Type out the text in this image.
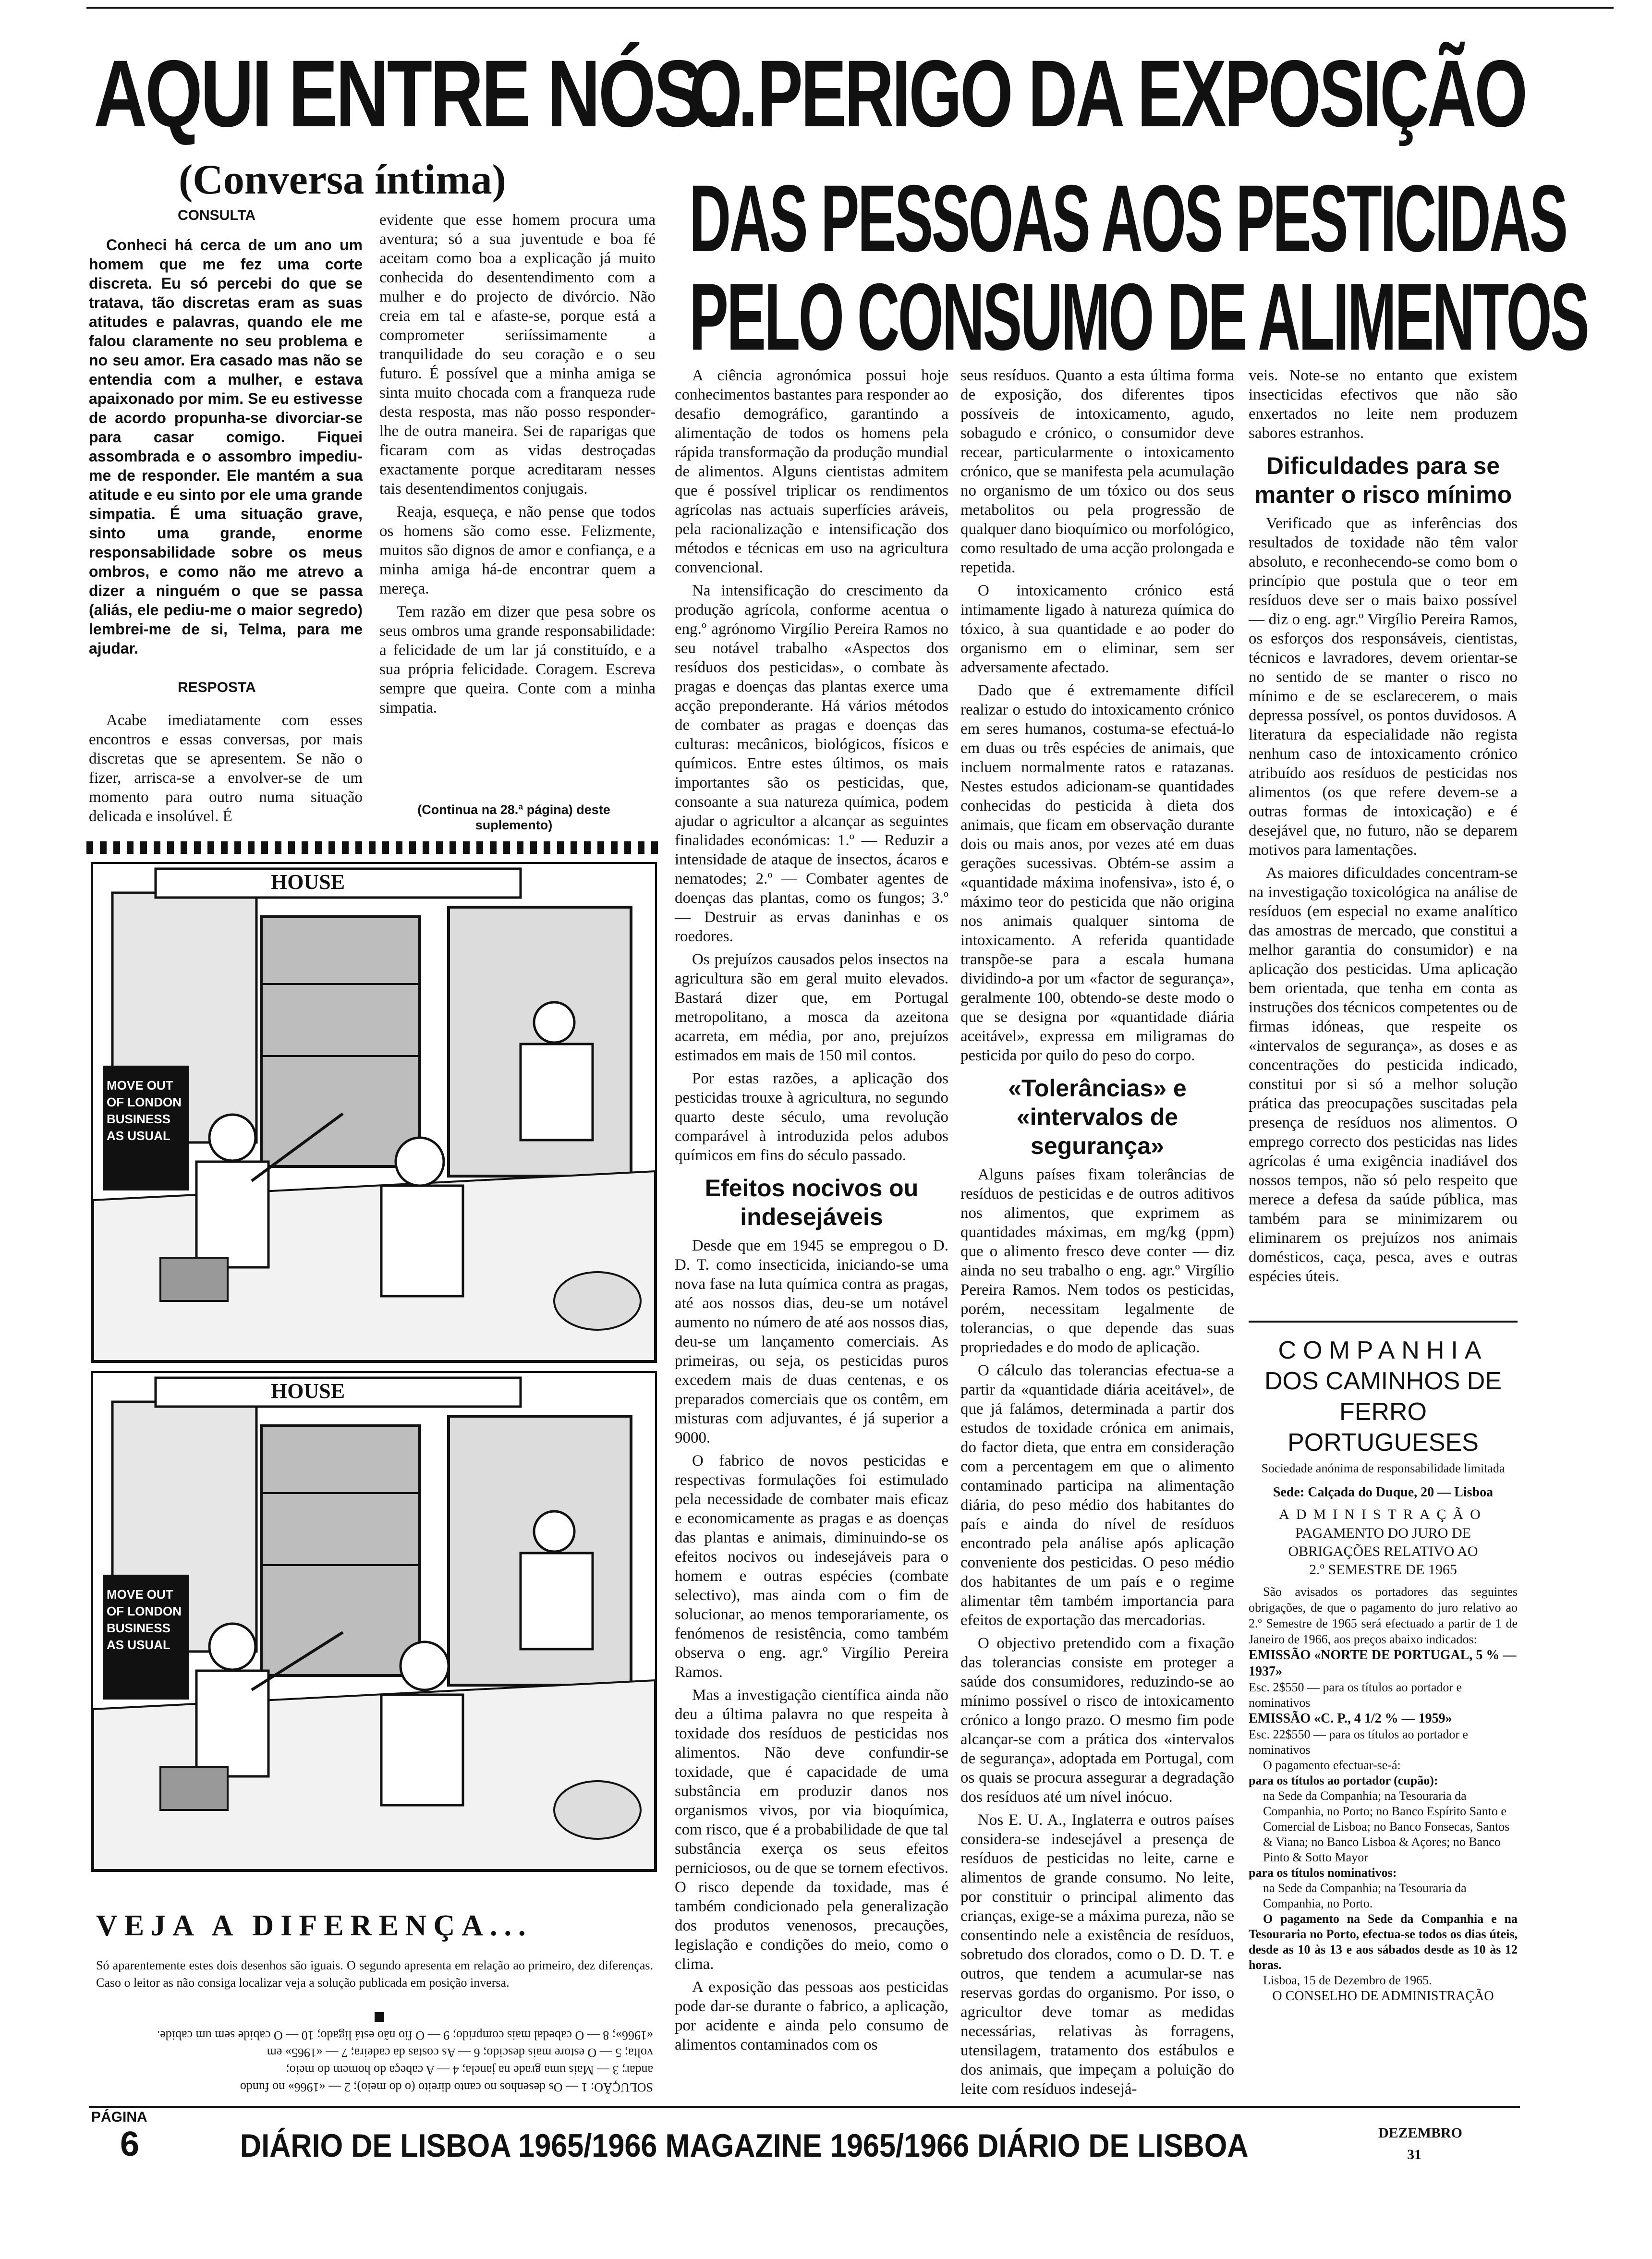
AQUI ENTRE NÓS...
(Conversa íntima)
O PERIGO DA EXPOSIÇÃO
DAS PESSOAS AOS PESTICIDAS
PELO CONSUMO DE ALIMENTOS
CONSULTA

Conheci há cerca de um ano um homem que me fez uma corte discreta. Eu só percebi do que se tratava, tão discretas eram as suas atitudes e palavras, quando ele me falou claramente no seu problema e no seu amor. Era casado mas não se entendia com a mulher, e estava apaixonado por mim. Se eu estivesse de acordo propunha-se divorciar-se para casar comigo. Fiquei assombrada e o assombro impediu-me de responder. Ele mantém a sua atitude e eu sinto por ele uma grande simpatia. É uma situação grave, sinto uma grande, enorme responsabilidade sobre os meus ombros, e como não me atrevo a dizer a ninguém o que se passa (aliás, ele pediu-me o maior segredo) lembrei-me de si, Telma, para me ajudar.

RESPOSTA

Acabe imediatamente com esses encontros e essas conversas, por mais discretas que se apresentem. Se não o fizer, arrisca-se a envolver-se de um momento para outro numa situação delicada e insolúvel. É

evidente que esse homem procura uma aventura; só a sua juventude e boa fé aceitam como boa a explicação já muito conhecida do desentendimento com a mulher e do projecto de divórcio. Não creia em tal e afaste-se, porque está a comprometer seriíssimamente a tranquilidade do seu coração e o seu futuro. É possível que a minha amiga se sinta muito chocada com a franqueza rude desta resposta, mas não posso responder-lhe de outra maneira. Sei de raparigas que ficaram com as vidas destroçadas exactamente porque acreditaram nesses tais desentendimentos conjugais.

Reaja, esqueça, e não pense que todos os homens são como esse. Felizmente, muitos são dignos de amor e confiança, e a minha amiga há-de encontrar quem a mereça.

Tem razão em dizer que pesa sobre os seus ombros uma grande responsabilidade: a felicidade de um lar já constituído, e a sua própria felicidade. Coragem. Escreva sempre que queira. Conte com a minha simpatia.

(Continua na 28.ª página) deste suplemento)
HOUSE
MOVE OUT
OF LONDON
BUSINESS
AS USUAL
HOUSE
MOVE OUT
OF LONDON
BUSINESS
AS USUAL
VEJA A DIFERENÇA...
Só aparentemente estes dois desenhos são iguais. O segundo apresenta em relação ao primeiro, dez diferenças. Caso o leitor as não consiga localizar veja a solução publicada em posição inversa.
SOLUÇÃO: 1 — Os desenhos no canto direito (o do meio); 2 — «1966» no fundo
andar; 3 — Mais uma grade na janela; 4 — A cabeça do homem do meio;
volta; 5 — O estore mais descido; 6 — As costas da cadeira; 7 — «1965» em
«1966»; 8 — O cabedal mais comprido; 9 — O fio não está ligado; 10 — O cabide sem um cabide.

A ciência agronómica possui hoje conhecimentos bastantes para responder ao desafio demográfico, garantindo a alimentação de todos os homens pela rápida transformação da produção mundial de alimentos. Alguns cientistas admitem que é possível triplicar os rendimentos agrícolas nas actuais superfícies aráveis, pela racionalização e intensificação dos métodos e técnicas em uso na agricultura convencional.

Na intensificação do crescimento da produção agrícola, conforme acentua o eng.º agrónomo Virgílio Pereira Ramos no seu notável trabalho «Aspectos dos resíduos dos pesticidas», o combate às pragas e doenças das plantas exerce uma acção preponderante. Há vários métodos de combater as pragas e doenças das culturas: mecânicos, biológicos, físicos e químicos. Entre estes últimos, os mais importantes são os pesticidas, que, consoante a sua natureza química, podem ajudar o agricultor a alcançar as seguintes finalidades económicas: 1.º — Reduzir a intensidade de ataque de insectos, ácaros e nematodes; 2.º — Combater agentes de doenças das plantas, como os fungos; 3.º — Destruir as ervas daninhas e os roedores.

Os prejuízos causados pelos insectos na agricultura são em geral muito elevados. Bastará dizer que, em Portugal metropolitano, a mosca da azeitona acarreta, em média, por ano, prejuízos estimados em mais de 150 mil contos.

Por estas razões, a aplicação dos pesticidas trouxe à agricultura, no segundo quarto deste século, uma revolução comparável à introduzida pelos adubos químicos em fins do século passado.

Efeitos nocivos ou indesejáveis

Desde que em 1945 se empregou o D. D. T. como insecticida, iniciando-se uma nova fase na luta química contra as pragas, até aos nossos dias, deu-se um notável aumento no número de até aos nossos dias, deu-se um lançamento comerciais. As primeiras, ou seja, os pesticidas puros excedem mais de duas centenas, e os preparados comerciais que os contêm, em misturas com adjuvantes, é já superior a 9000.

O fabrico de novos pesticidas e respectivas formulações foi estimulado pela necessidade de combater mais eficaz e economicamente as pragas e as doenças das plantas e animais, diminuindo-se os efeitos nocivos ou indesejáveis para o homem e outras espécies (combate selectivo), mas ainda com o fim de solucionar, ao menos temporariamente, os fenómenos de resistência, como também observa o eng. agr.º Virgílio Pereira Ramos.

Mas a investigação científica ainda não deu a última palavra no que respeita à toxidade dos resíduos de pesticidas nos alimentos. Não deve confundir-se toxidade, que é capacidade de uma substância em produzir danos nos organismos vivos, por via bioquímica, com risco, que é a probabilidade de que tal substância exerça os seus efeitos perniciosos, ou de que se tornem efectivos. O risco depende da toxidade, mas é também condicionado pela generalização dos produtos venenosos, precauções, legislação e condições do meio, como o clima.

A exposição das pessoas aos pesticidas pode dar-se durante o fabrico, a aplicação, por acidente e ainda pelo consumo de alimentos contaminados com os

seus resíduos. Quanto a esta última forma de exposição, dos diferentes tipos possíveis de intoxicamento, agudo, sobagudo e crónico, o consumidor deve recear, particularmente o intoxicamento crónico, que se manifesta pela acumulação no organismo de um tóxico ou dos seus metabolitos ou pela progressão de qualquer dano bioquímico ou morfológico, como resultado de uma acção prolongada e repetida.

O intoxicamento crónico está intimamente ligado à natureza química do tóxico, à sua quantidade e ao poder do organismo em o eliminar, sem ser adversamente afectado.

Dado que é extremamente difícil realizar o estudo do intoxicamento crónico em seres humanos, costuma-se efectuá-lo em duas ou três espécies de animais, que incluem normalmente ratos e ratazanas. Nestes estudos adicionam-se quantidades conhecidas do pesticida à dieta dos animais, que ficam em observação durante dois ou mais anos, por vezes até em duas gerações sucessivas. Obtém-se assim a «quantidade máxima inofensiva», isto é, o máximo teor do pesticida que não origina nos animais qualquer sintoma de intoxicamento. A referida quantidade transpõe-se para a escala humana dividindo-a por um «factor de segurança», geralmente 100, obtendo-se deste modo o que se designa por «quantidade diária aceitável», expressa em miligramas do pesticida por quilo do peso do corpo.

«Tolerâncias» e «intervalos de segurança»

Alguns países fixam tolerâncias de resíduos de pesticidas e de outros aditivos nos alimentos, que exprimem as quantidades máximas, em mg/kg (ppm) que o alimento fresco deve conter — diz ainda no seu trabalho o eng. agr.º Virgílio Pereira Ramos. Nem todos os pesticidas, porém, necessitam legalmente de tolerancias, o que depende das suas propriedades e do modo de aplicação.

O cálculo das tolerancias efectua-se a partir da «quantidade diária aceitável», de que já falámos, determinada a partir dos estudos de toxidade crónica em animais, do factor dieta, que entra em consideração com a percentagem em que o alimento contaminado participa na alimentação diária, do peso médio dos habitantes do país e ainda do nível de resíduos encontrado pela análise após aplicação conveniente dos pesticidas. O peso médio dos habitantes de um país e o regime alimentar têm também importancia para efeitos de exportação das mercadorias.

O objectivo pretendido com a fixação das tolerancias consiste em proteger a saúde dos consumidores, reduzindo-se ao mínimo possível o risco de intoxicamento crónico a longo prazo. O mesmo fim pode alcançar-se com a prática dos «intervalos de segurança», adoptada em Portugal, com os quais se procura assegurar a degradação dos resíduos até um nível inócuo.

Nos E. U. A., Inglaterra e outros países considera-se indesejável a presença de resíduos de pesticidas no leite, carne e alimentos de grande consumo. No leite, por constituir o principal alimento das crianças, exige-se a máxima pureza, não se consentindo nele a existência de resíduos, sobretudo dos clorados, como o D. D. T. e outros, que tendem a acumular-se nas reservas gordas do organismo. Por isso, o agricultor deve tomar as medidas necessárias, relativas às forragens, utensilagem, tratamento dos estábulos e dos animais, que impeçam a poluição do leite com resíduos indesejá-

veis. Note-se no entanto que existem insecticidas efectivos que não são enxertados no leite nem produzem sabores estranhos.

Dificuldades para se manter o risco mínimo

Verificado que as inferências dos resultados de toxidade não têm valor absoluto, e reconhecendo-se como bom o princípio que postula que o teor em resíduos deve ser o mais baixo possível — diz o eng. agr.º Virgílio Pereira Ramos, os esforços dos responsáveis, cientistas, técnicos e lavradores, devem orientar-se no sentido de se manter o risco no mínimo e de se esclarecerem, o mais depressa possível, os pontos duvidosos. A literatura da especialidade não regista nenhum caso de intoxicamento crónico atribuído aos resíduos de pesticidas nos alimentos (os que refere devem-se a outras formas de intoxicação) e é desejável que, no futuro, não se deparem motivos para lamentações.

As maiores dificuldades concentram-se na investigação toxicológica na análise de resíduos (em especial no exame analítico das amostras de mercado, que constitui a melhor garantia do consumidor) e na aplicação dos pesticidas. Uma aplicação bem orientada, que tenha em conta as instruções dos técnicos competentes ou de firmas idóneas, que respeite os «intervalos de segurança», as doses e as concentrações do pesticida indicado, constitui por si só a melhor solução prática das preocupações suscitadas pela presença de resíduos nos alimentos. O emprego correcto dos pesticidas nas lides agrícolas é uma exigência inadiável dos nossos tempos, não só pelo respeito que merece a defesa da saúde pública, mas também para se minimizarem ou eliminarem os prejuízos nos animais domésticos, caça, pesca, aves e outras espécies úteis.

COMPANHIA
DOS CAMINHOS DE
FERRO PORTUGUESES
Sociedade anónima de responsabilidade limitada
Sede: Calçada do Duque, 20 — Lisboa
ADMINISTRAÇÃO
PAGAMENTO DO JURO DE OBRIGAÇÕES RELATIVO AO
2.º SEMESTRE DE 1965
São avisados os portadores das seguintes obrigações, de que o pagamento do juro relativo ao 2.º Semestre de 1965 será efectuado a partir de 1 de Janeiro de 1966, aos preços abaixo indicados:
EMISSÃO «NORTE DE PORTUGAL, 5 % — 1937»
Esc. 2$550 — para os títulos ao portador e nominativos
EMISSÃO «C. P., 4 1/2 % — 1959»
Esc. 22$550 — para os títulos ao portador e nominativos
O pagamento efectuar-se-á:
para os títulos ao portador (cupão):
na Sede da Companhia; na Tesouraria da Companhia, no Porto; no Banco Espírito Santo e Comercial de Lisboa; no Banco Fonsecas, Santos & Viana; no Banco Lisboa & Açores; no Banco Pinto & Sotto Mayor
para os títulos nominativos:
na Sede da Companhia; na Tesouraria da Companhia, no Porto.
O pagamento na Sede da Companhia e na Tesouraria no Porto, efectua-se todos os dias úteis, desde as 10 às 13 e aos sábados desde as 10 às 12 horas.
Lisboa, 15 de Dezembro de 1965.
O CONSELHO DE ADMINISTRAÇÃO
PÁGINA
6	DIÁRIO DE LISBOA 1965/1966 MAGAZINE 1965/1966 DIÁRIO DE LISBOA	DEZEMBRO
31
